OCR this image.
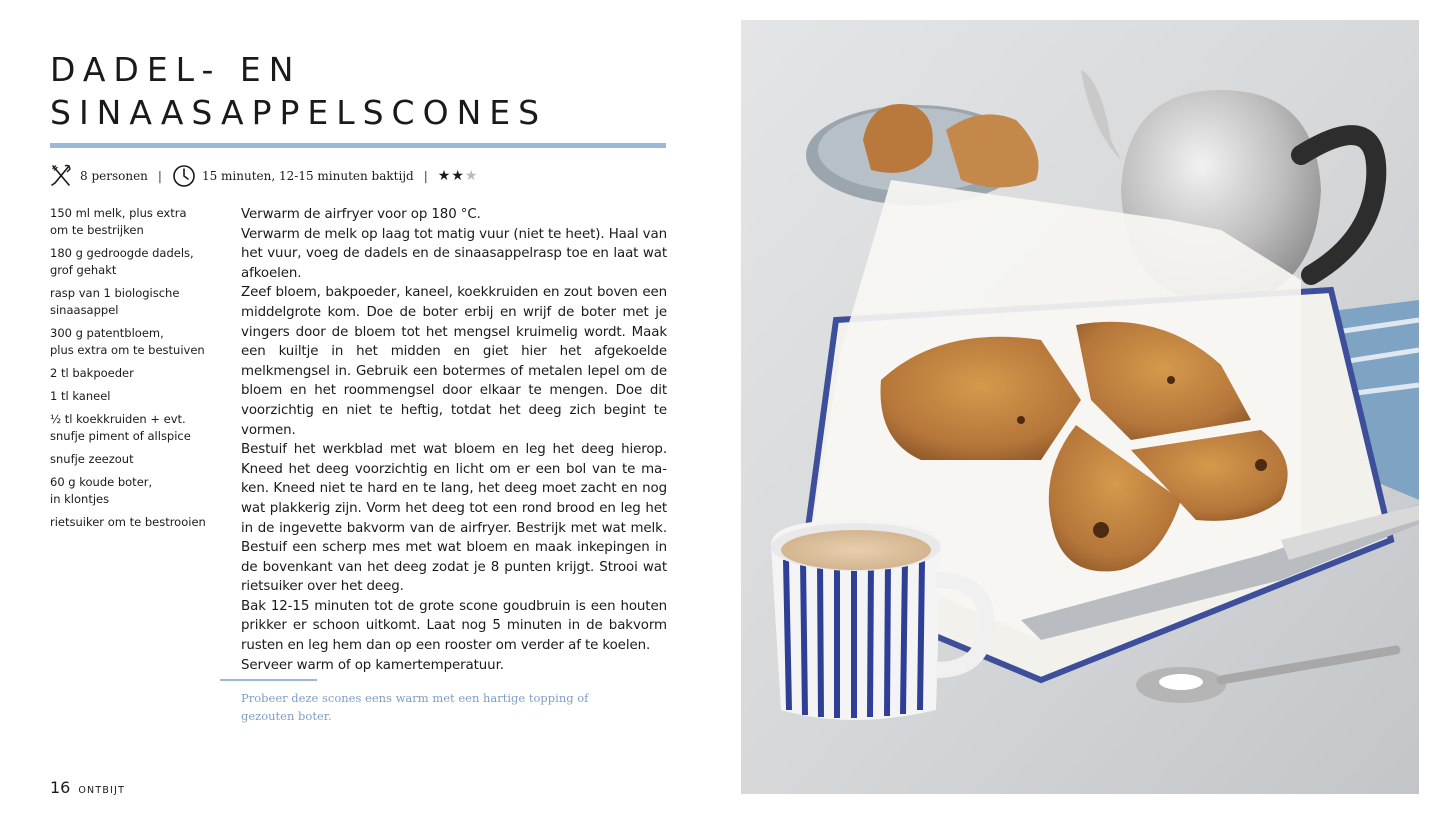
DADEL- EN
SINAASAPPELSCONES
8 personen |	15 minuten, 12-15 minuten baktijd | ★ ★ ★
150 ml melk, plus extra
om te bestrijken
180 g gedroogde dadels,
grof gehakt
rasp van 1 biologische
sinaasappel
300 g patentbloem,
plus extra om te bestuiven
2 tl bakpoeder
1 tl kaneel
½ tl koekkruiden + evt.
snufje piment of allspice
snufje zeezout
60 g koude boter,
in klontjes
rietsuiker om te bestrooien

Verwarm de airfryer voor op 180 °C.

Verwarm de melk op laag tot matig vuur (niet te heet). Haal van het vuur, voeg de dadels en de sinaasappelrasp toe en laat wat afkoelen.

Zeef bloem, bakpoeder, kaneel, koekkruiden en zout boven een middelgrote kom. Doe de boter erbij en wrijf de boter met je vingers door de bloem tot het mengsel kruimelig wordt. Maak een kuiltje in het midden en giet hier het afgekoelde melkmengsel in. Gebruik een botermes of metalen lepel om de bloem en het roommengsel door elkaar te mengen. Doe dit voorzichtig en niet te heftig, totdat het deeg zich begint te vormen.

Bestuif het werkblad met wat bloem en leg het deeg hierop. Kneed het deeg voorzichtig en licht om er een bol van te maken. Kneed niet te hard en te lang, het deeg moet zacht en nog wat plakkerig zijn. Vorm het deeg tot een rond brood en leg het in de ingevette bakvorm van de airfryer. Bestrijk met wat melk. Bestuif een scherp mes met wat bloem en maak inkepingen in de bovenkant van het deeg zodat je 8 punten krijgt. Strooi wat rietsuiker over het deeg.

Bak 12-15 minuten tot de grote scone goudbruin is een houten prikker er schoon uitkomt. Laat nog 5 minuten in de bakvorm rusten en leg hem dan op een rooster om verder af te koelen.

Serveer warm of op kamertemperatuur.

Probeer deze scones eens warm met een hartige topping of gezouten boter.

16 ONTBIJT
